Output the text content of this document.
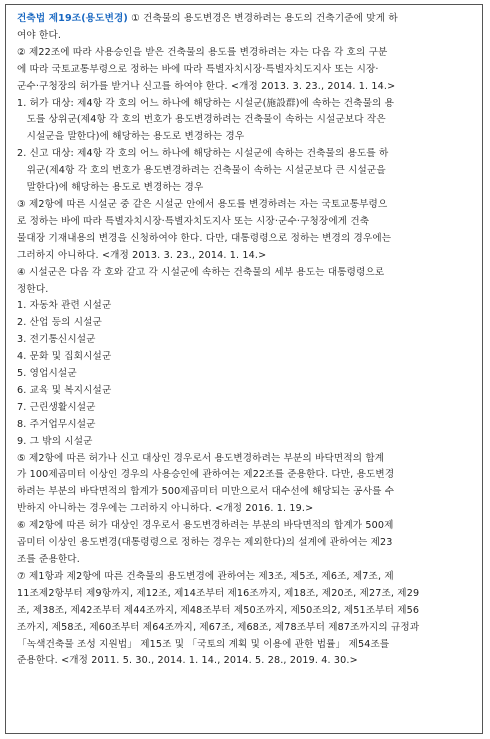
건축법 제19조(용도변경) ① 건축물의 용도변경은 변경하려는 용도의 건축기준에 맞게 하

여야 한다.

② 제22조에 따라 사용승인을 받은 건축물의 용도를 변경하려는 자는 다음 각 호의 구분

에 따라 국토교통부령으로 정하는 바에 따라 특별자치시장·특별자치도지사 또는 시장·

군수·구청장의 허가를 받거나 신고를 하여야 한다. <개정 2013. 3. 23., 2014. 1. 14.>

1. 허가 대상: 제4항 각 호의 어느 하나에 해당하는 시설군(施設群)에 속하는 건축물의 용

도를 상위군(제4항 각 호의 번호가 용도변경하려는 건축물이 속하는 시설군보다 작은

시설군을 말한다)에 해당하는 용도로 변경하는 경우

2. 신고 대상: 제4항 각 호의 어느 하나에 해당하는 시설군에 속하는 건축물의 용도를 하

위군(제4항 각 호의 번호가 용도변경하려는 건축물이 속하는 시설군보다 큰 시설군을

말한다)에 해당하는 용도로 변경하는 경우

③ 제2항에 따른 시설군 중 같은 시설군 안에서 용도를 변경하려는 자는 국토교통부령으

로 정하는 바에 따라 특별자치시장·특별자치도지사 또는 시장·군수·구청장에게 건축

물대장 기재내용의 변경을 신청하여야 한다. 다만, 대통령령으로 정하는 변경의 경우에는

그러하지 아니하다. <개정 2013. 3. 23., 2014. 1. 14.>

④ 시설군은 다음 각 호와 같고 각 시설군에 속하는 건축물의 세부 용도는 대통령령으로

정한다.

1. 자동차 관련 시설군

2. 산업 등의 시설군

3. 전기통신시설군

4. 문화 및 집회시설군

5. 영업시설군

6. 교육 및 복지시설군

7. 근린생활시설군

8. 주거업무시설군

9. 그 밖의 시설군

⑤ 제2항에 따른 허가나 신고 대상인 경우로서 용도변경하려는 부분의 바닥면적의 합계

가 100제곱미터 이상인 경우의 사용승인에 관하여는 제22조를 준용한다. 다만, 용도변경

하려는 부분의 바닥면적의 합계가 500제곱미터 미만으로서 대수선에 해당되는 공사를 수

반하지 아니하는 경우에는 그러하지 아니하다. <개정 2016. 1. 19.>

⑥ 제2항에 따른 허가 대상인 경우로서 용도변경하려는 부분의 바닥면적의 합계가 500제

곱미터 이상인 용도변경(대통령령으로 정하는 경우는 제외한다)의 설계에 관하여는 제23

조를 준용한다.

⑦ 제1항과 제2항에 따른 건축물의 용도변경에 관하여는 제3조, 제5조, 제6조, 제7조, 제

11조제2항부터 제9항까지, 제12조, 제14조부터 제16조까지, 제18조, 제20조, 제27조, 제29

조, 제38조, 제42조부터 제44조까지, 제48조부터 제50조까지, 제50조의2, 제51조부터 제56

조까지, 제58조, 제60조부터 제64조까지, 제67조, 제68조, 제78조부터 제87조까지의 규정과

「녹색건축물 조성 지원법」 제15조 및 「국토의 계획 및 이용에 관한 법률」 제54조를

준용한다. <개정 2011. 5. 30., 2014. 1. 14., 2014. 5. 28., 2019. 4. 30.>
